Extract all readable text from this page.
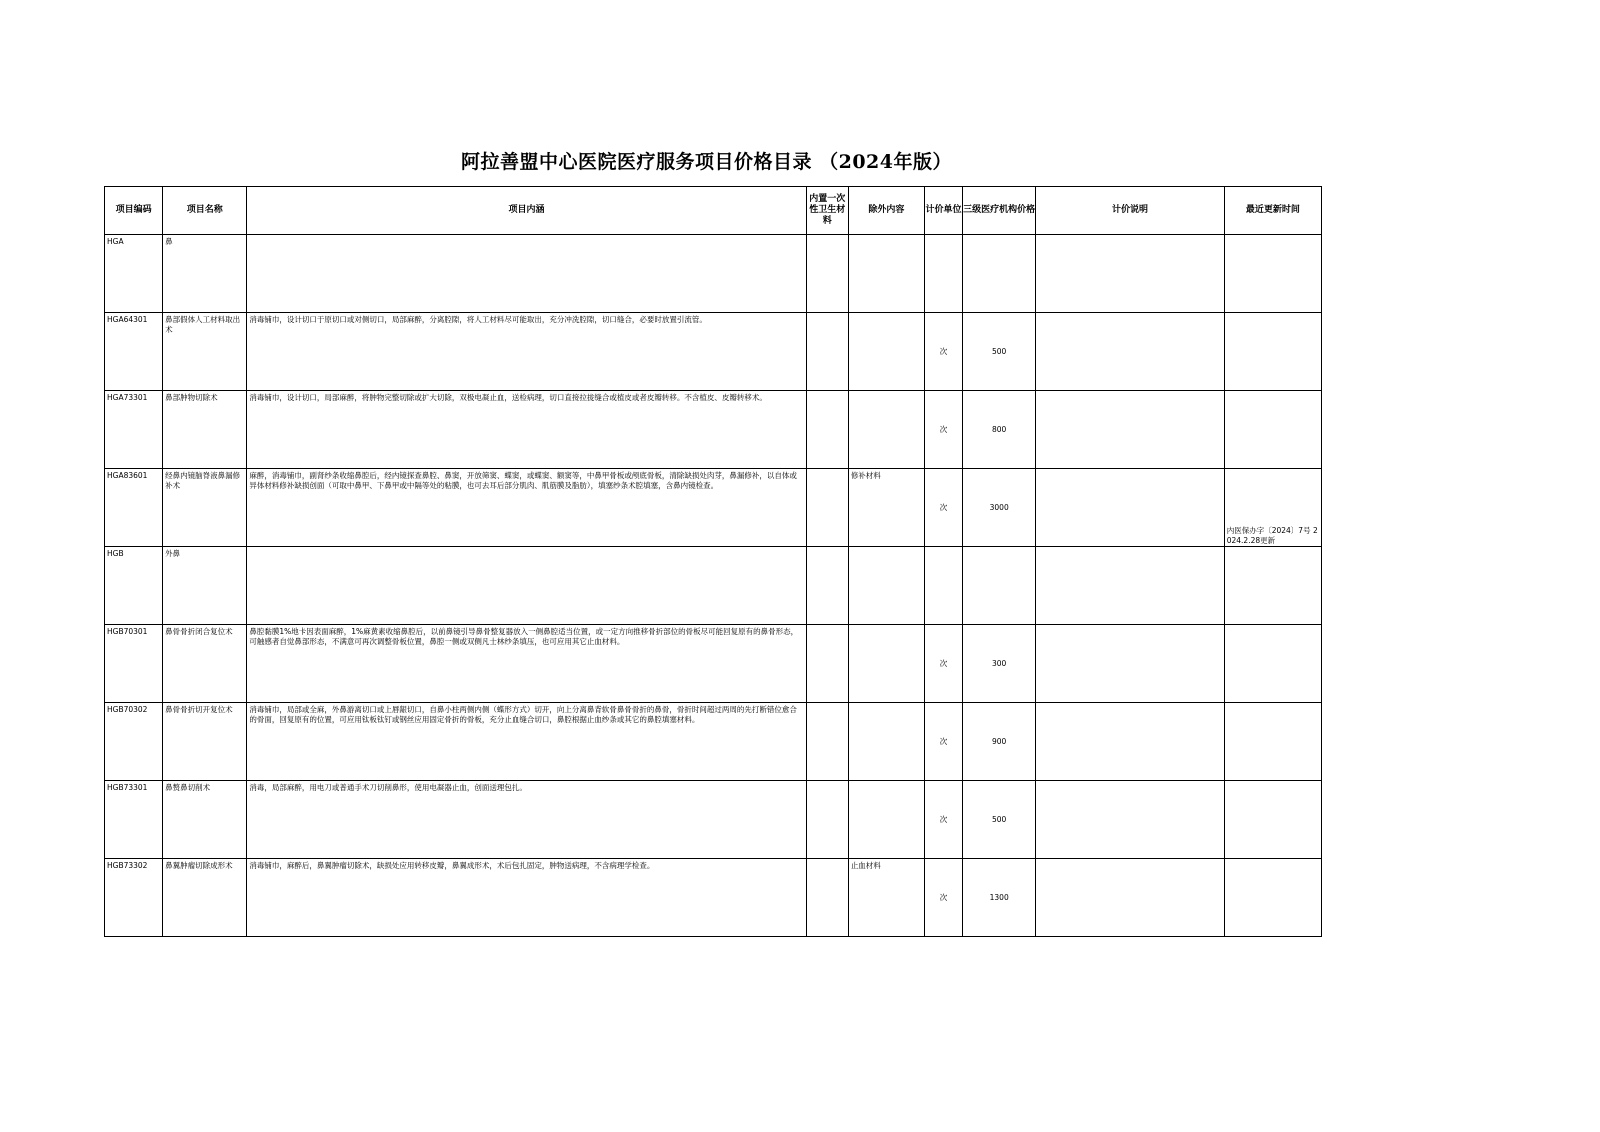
阿拉善盟中心医院医疗服务项目价格目录 （2024年版）
项目编码	项目名称	项目内涵	内置一次性卫生材料	除外内容	计价单位	三级医疗机构价格	计价说明	最近更新时间
HGA	鼻							
HGA64301	鼻部假体人工材料取出术	消毒铺巾，设计切口于原切口或对侧切口，局部麻醉，分离腔隙，将人工材料尽可能取出，充分冲洗腔隙，切口缝合，必要时放置引流管。			次	500		
HGA73301	鼻部肿物切除术	消毒铺巾，设计切口，局部麻醉，将肿物完整切除或扩大切除，双极电凝止血，送检病理，切口直接拉拢缝合或植皮或者皮瓣转移。不含植皮、皮瓣转移术。			次	800		
HGA83601	经鼻内镜脑脊液鼻漏修补术	麻醉，消毒铺巾，副肾纱条收缩鼻腔后，经内镜探查鼻腔、鼻窦，开放筛窦、蝶窦，或蝶窦、额窦等，中鼻甲骨板或颅底骨板，清除缺损处肉芽，鼻漏修补，以自体或异体材料修补缺损创面（可取中鼻甲、下鼻甲或中隔等处的粘膜，也可去耳后部分肌肉、肌筋膜及脂肪），填塞纱条术腔填塞，含鼻内镜检查。		修补材料	次	3000		内医保办字〔2024〕7号 2024.2.28更新

HGB	外鼻							
HGB70301	鼻骨骨折闭合复位术	鼻腔黏膜1%地卡因表面麻醉，1%麻黄素收缩鼻腔后，以前鼻镜引导鼻骨整复器放入一侧鼻腔适当位置，或一定方向推移骨折部位的骨板尽可能回复原有的鼻骨形态，可触感者自觉鼻部形态，不满意可再次调整骨板位置，鼻腔一侧或双侧凡士林纱条填压，也可应用其它止血材料。			次	300		
HGB70302	鼻骨骨折切开复位术	消毒铺巾，局部或全麻，外鼻游离切口或上唇龈切口，自鼻小柱两侧内侧（蝶形方式）切开，向上分离鼻背软骨鼻骨骨折的鼻骨，骨折时间超过两周的先打断错位愈合的骨面，回复原有的位置，可应用钛板钛钉或钢丝应用固定骨折的骨板，充分止血缝合切口，鼻腔根据止血纱条或其它的鼻腔填塞材料。			次	900		
HGB73301	鼻赘鼻切削术	消毒，局部麻醉，用电刀或普通手术刀切削鼻形，使用电凝器止血，创面送理包扎。			次	500		
HGB73302	鼻翼肿瘤切除成形术	消毒铺巾，麻醉后，鼻翼肿瘤切除术，缺损处应用转移皮瓣，鼻翼成形术，术后包扎固定，肿物送病理，不含病理学检查。		止血材料	次	1300		
